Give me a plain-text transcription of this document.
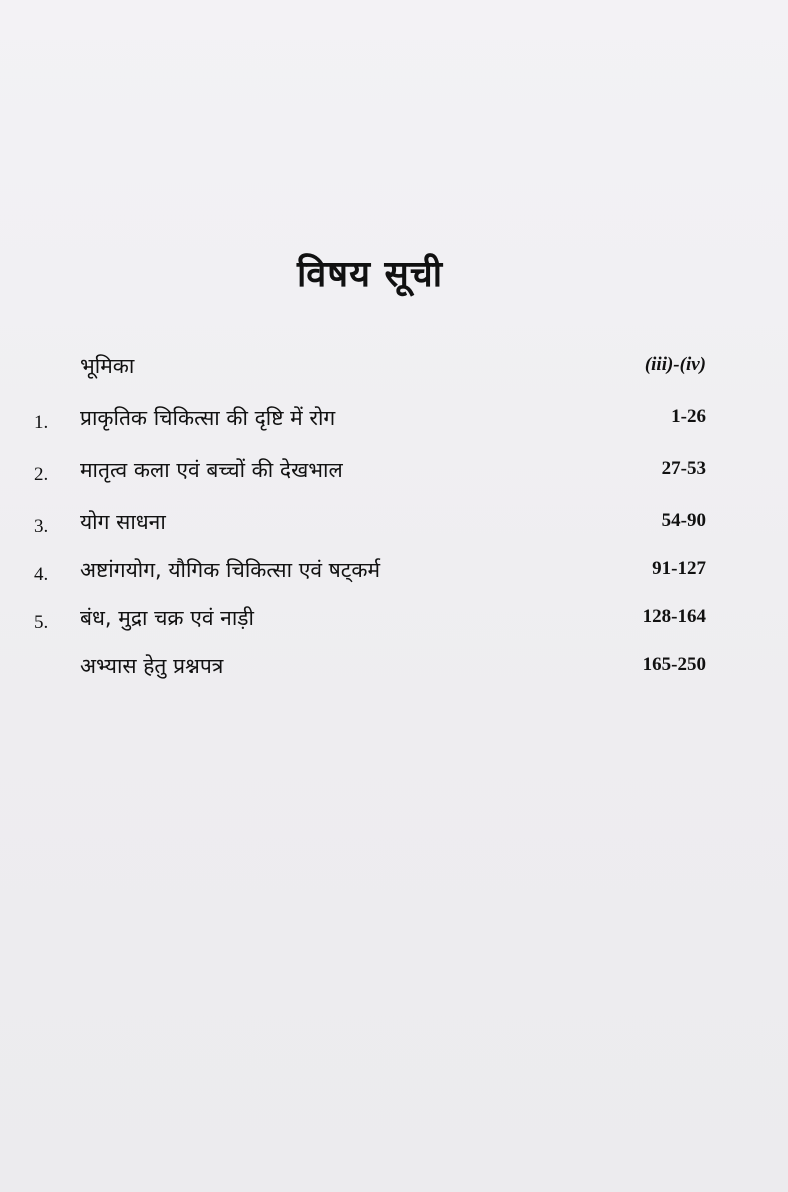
विषय सूची
भूमिका	(iii)-(iv)
1. प्राकृतिक चिकित्सा की दृष्टि में रोग	1-26
2. मातृत्व कला एवं बच्चों की देखभाल	27-53
3. योग साधना	54-90
4. अष्टांगयोग, यौगिक चिकित्सा एवं षट्कर्म	91-127
5. बंध, मुद्रा चक्र एवं नाड़ी	128-164
अभ्यास हेतु प्रश्नपत्र	165-250
